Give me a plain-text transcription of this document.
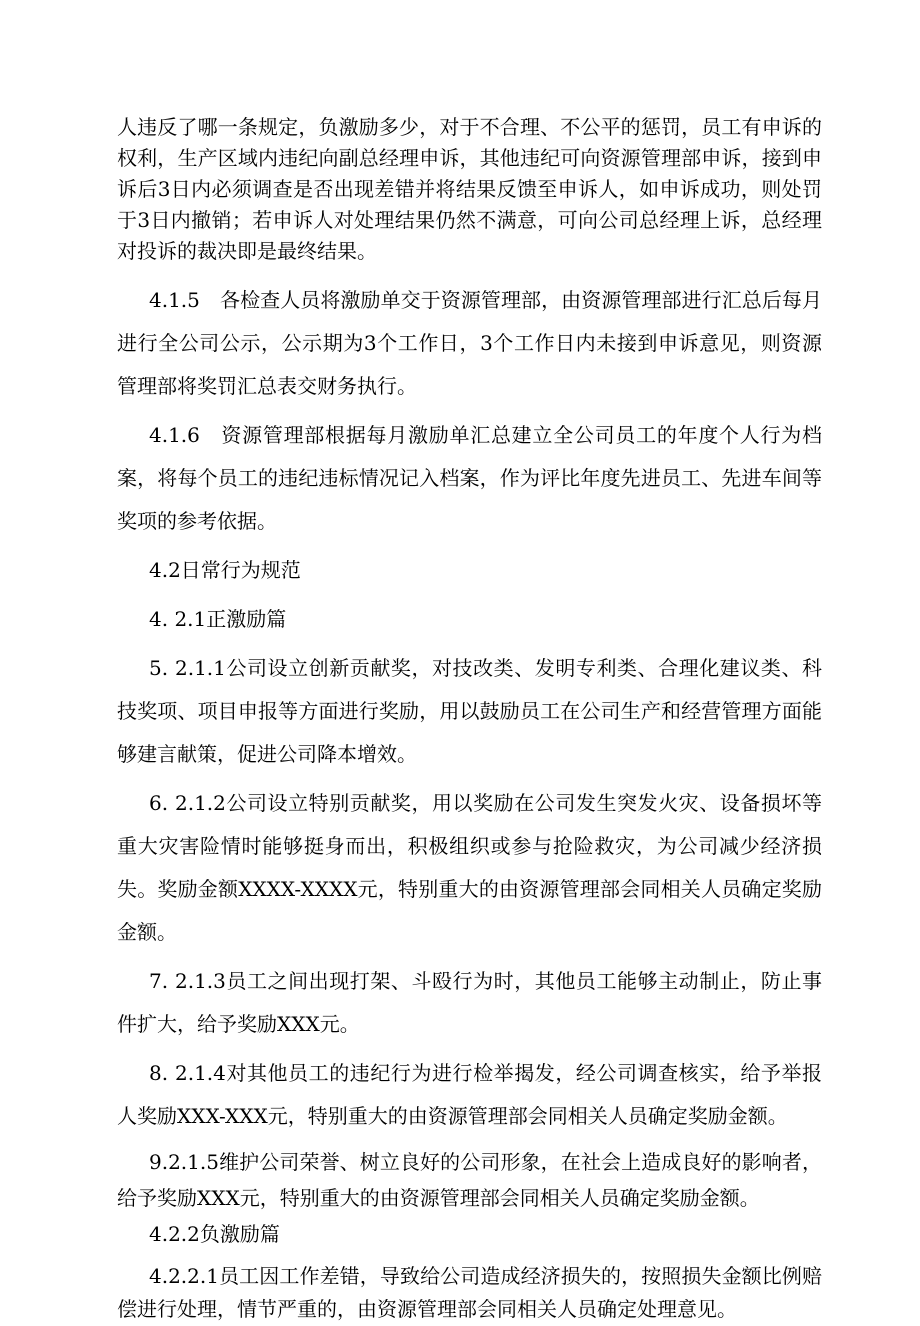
人违反了哪一条规定，负激励多少，对于不合理、不公平的惩罚，员工有申诉的权利，生产区域内违纪向副总经理申诉，其他违纪可向资源管理部申诉，接到申诉后3日内必须调查是否出现差错并将结果反馈至申诉人，如申诉成功，则处罚于3日内撤销；若申诉人对处理结果仍然不满意，可向公司总经理上诉，总经理对投诉的裁决即是最终结果。

4.1.5　各检查人员将激励单交于资源管理部，由资源管理部进行汇总后每月进行全公司公示，公示期为3个工作日，3个工作日内未接到申诉意见，则资源管理部将奖罚汇总表交财务执行。

4.1.6　资源管理部根据每月激励单汇总建立全公司员工的年度个人行为档案，将每个员工的违纪违标情况记入档案，作为评比年度先进员工、先进车间等奖项的参考依据。

4.2日常行为规范

4. 2.1正激励篇

5. 2.1.1公司设立创新贡献奖，对技改类、发明专利类、合理化建议类、科技奖项、项目申报等方面进行奖励，用以鼓励员工在公司生产和经营管理方面能够建言献策，促进公司降本增效。

6. 2.1.2公司设立特别贡献奖，用以奖励在公司发生突发火灾、设备损坏等重大灾害险情时能够挺身而出，积极组织或参与抢险救灾，为公司减少经济损失。奖励金额XXXX-XXXX元，特别重大的由资源管理部会同相关人员确定奖励金额。

7. 2.1.3员工之间出现打架、斗殴行为时，其他员工能够主动制止，防止事件扩大，给予奖励XXX元。

8. 2.1.4对其他员工的违纪行为进行检举揭发，经公司调查核实，给予举报人奖励XXX-XXX元，特别重大的由资源管理部会同相关人员确定奖励金额。

9.2.1.5维护公司荣誉、树立良好的公司形象，在社会上造成良好的影响者，给予奖励XXX元，特别重大的由资源管理部会同相关人员确定奖励金额。

4.2.2负激励篇

4.2.2.1员工因工作差错，导致给公司造成经济损失的，按照损失金额比例赔偿进行处理，情节严重的，由资源管理部会同相关人员确定处理意见。
